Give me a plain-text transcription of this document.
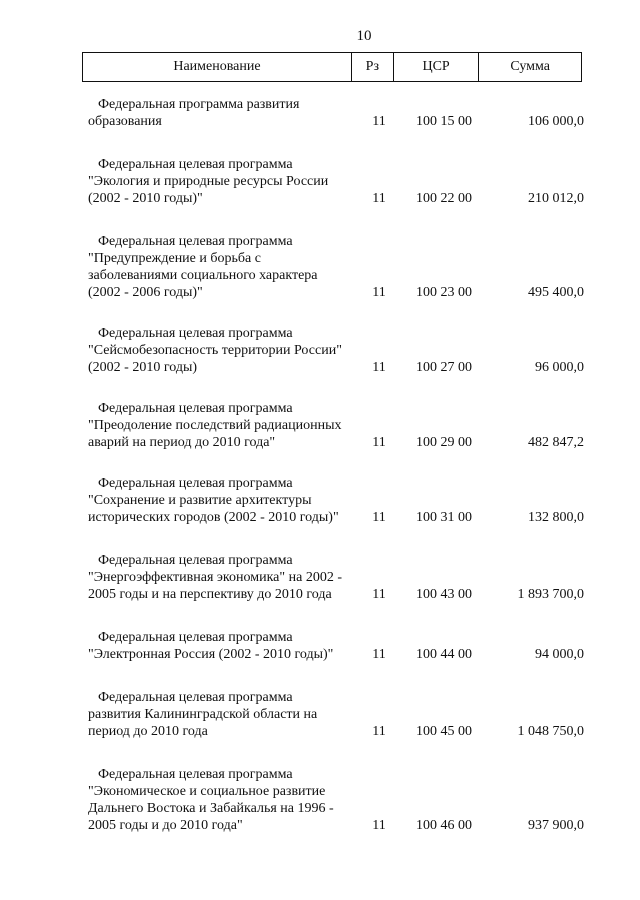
10
Наименование	Рз	ЦСР	Сумма
Федеральная программа развития
образования	11	100 15 00	106 000,0
Федеральная целевая программа
"Экология и природные ресурсы России
(2002 - 2010 годы)"	11	100 22 00	210 012,0
Федеральная целевая программа
"Предупреждение и борьба с
заболеваниями социального характера
(2002 - 2006 годы)"	11	100 23 00	495 400,0
Федеральная целевая программа
"Сейсмобезопасность территории России"
(2002 - 2010 годы)	11	100 27 00	96 000,0
Федеральная целевая программа
"Преодоление последствий радиационных
аварий на период до 2010 года"	11	100 29 00	482 847,2
Федеральная целевая программа
"Сохранение и развитие архитектуры
исторических городов (2002 - 2010 годы)"	11	100 31 00	132 800,0
Федеральная целевая программа
"Энергоэффективная экономика" на 2002 -
2005 годы и на перспективу до 2010 года	11	100 43 00	1 893 700,0
Федеральная целевая программа
"Электронная Россия (2002 - 2010 годы)"	11	100 44 00	94 000,0
Федеральная целевая программа
развития Калининградской области на
период до 2010 года	11	100 45 00	1 048 750,0
Федеральная целевая программа
"Экономическое и социальное развитие
Дальнего Востока и Забайкалья на 1996 -
2005 годы и до 2010 года"	11	100 46 00	937 900,0
